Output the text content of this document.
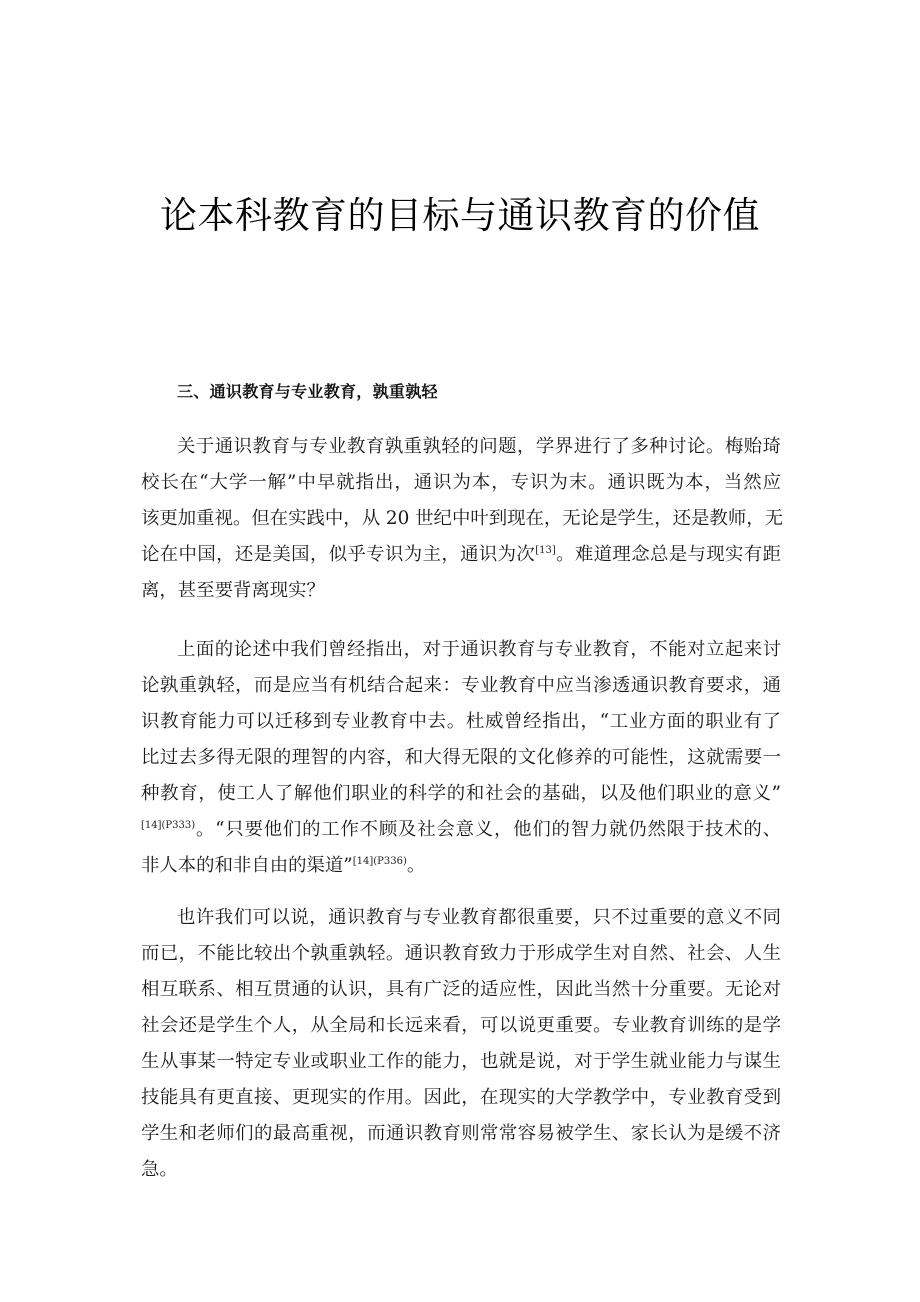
论本科教育的目标与通识教育的价值
三、通识教育与专业教育，孰重孰轻
关于通识教育与专业教育孰重孰轻的问题，学界进行了多种讨论。梅贻琦
校长在“大学一解”中早就指出，通识为本，专识为末。通识既为本，当然应
该更加重视。但在实践中，从 20 世纪中叶到现在，无论是学生，还是教师，无
论在中国，还是美国，似乎专识为主，通识为次[13]。难道理念总是与现实有距
离，甚至要背离现实？
上面的论述中我们曾经指出，对于通识教育与专业教育，不能对立起来讨
论孰重孰轻，而是应当有机结合起来：专业教育中应当渗透通识教育要求，通
识教育能力可以迁移到专业教育中去。杜威曾经指出，“工业方面的职业有了
比过去多得无限的理智的内容，和大得无限的文化修养的可能性，这就需要一
种教育，使工人了解他们职业的科学的和社会的基础，以及他们职业的意义”
$^{[14](P333)}$。“只要他们的工作不顾及社会意义，他们的智力就仍然限于技术的、
非人本的和非自由的渠道”$^{[14](P336)}$。
也许我们可以说，通识教育与专业教育都很重要，只不过重要的意义不同
而已，不能比较出个孰重孰轻。通识教育致力于形成学生对自然、社会、人生
相互联系、相互贯通的认识，具有广泛的适应性，因此当然十分重要。无论对
社会还是学生个人，从全局和长远来看，可以说更重要。专业教育训练的是学
生从事某一特定专业或职业工作的能力，也就是说，对于学生就业能力与谋生
技能具有更直接、更现实的作用。因此，在现实的大学教学中，专业教育受到
学生和老师们的最高重视，而通识教育则常常容易被学生、家长认为是缓不济
急。
